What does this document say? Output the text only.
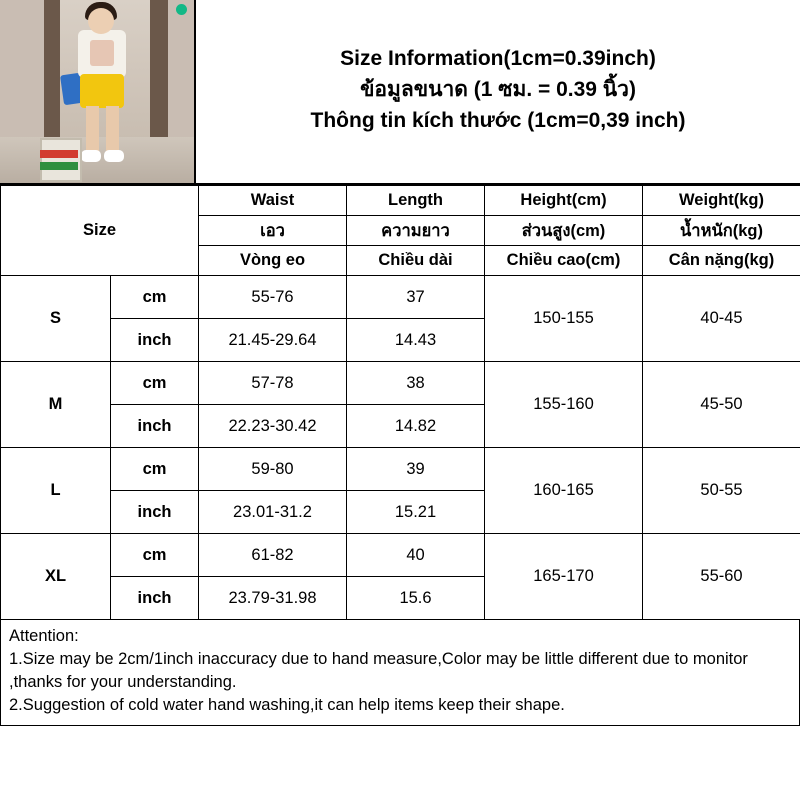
Size Information(1cm=0.39inch)
ข้อมูลขนาด (1 ซม. = 0.39 นิ้ว)
Thông tin kích thước (1cm=0,39 inch)
Size		Waist	Length	Height(cm)	Weight(kg)
		เอว	ความยาว	ส่วนสูง(cm)	น้ำหนัก(kg)
		Vòng eo	Chiều dài	Chiều cao(cm)	Cân nặng(kg)
S	cm	55-76	37	150-155	40-45
	inch	21.45-29.64	14.43		
M	cm	57-78	38	155-160	45-50
	inch	22.23-30.42	14.82		
L	cm	59-80	39	160-165	50-55
	inch	23.01-31.2	15.21		
XL	cm	61-82	40	165-170	55-60
	inch	23.79-31.98	15.6		
Attention:
1.Size may be 2cm/1inch inaccuracy due to hand measure,Color may be little different due to monitor ,thanks for your understanding.
2.Suggestion of cold water hand washing,it can help items keep their shape.
